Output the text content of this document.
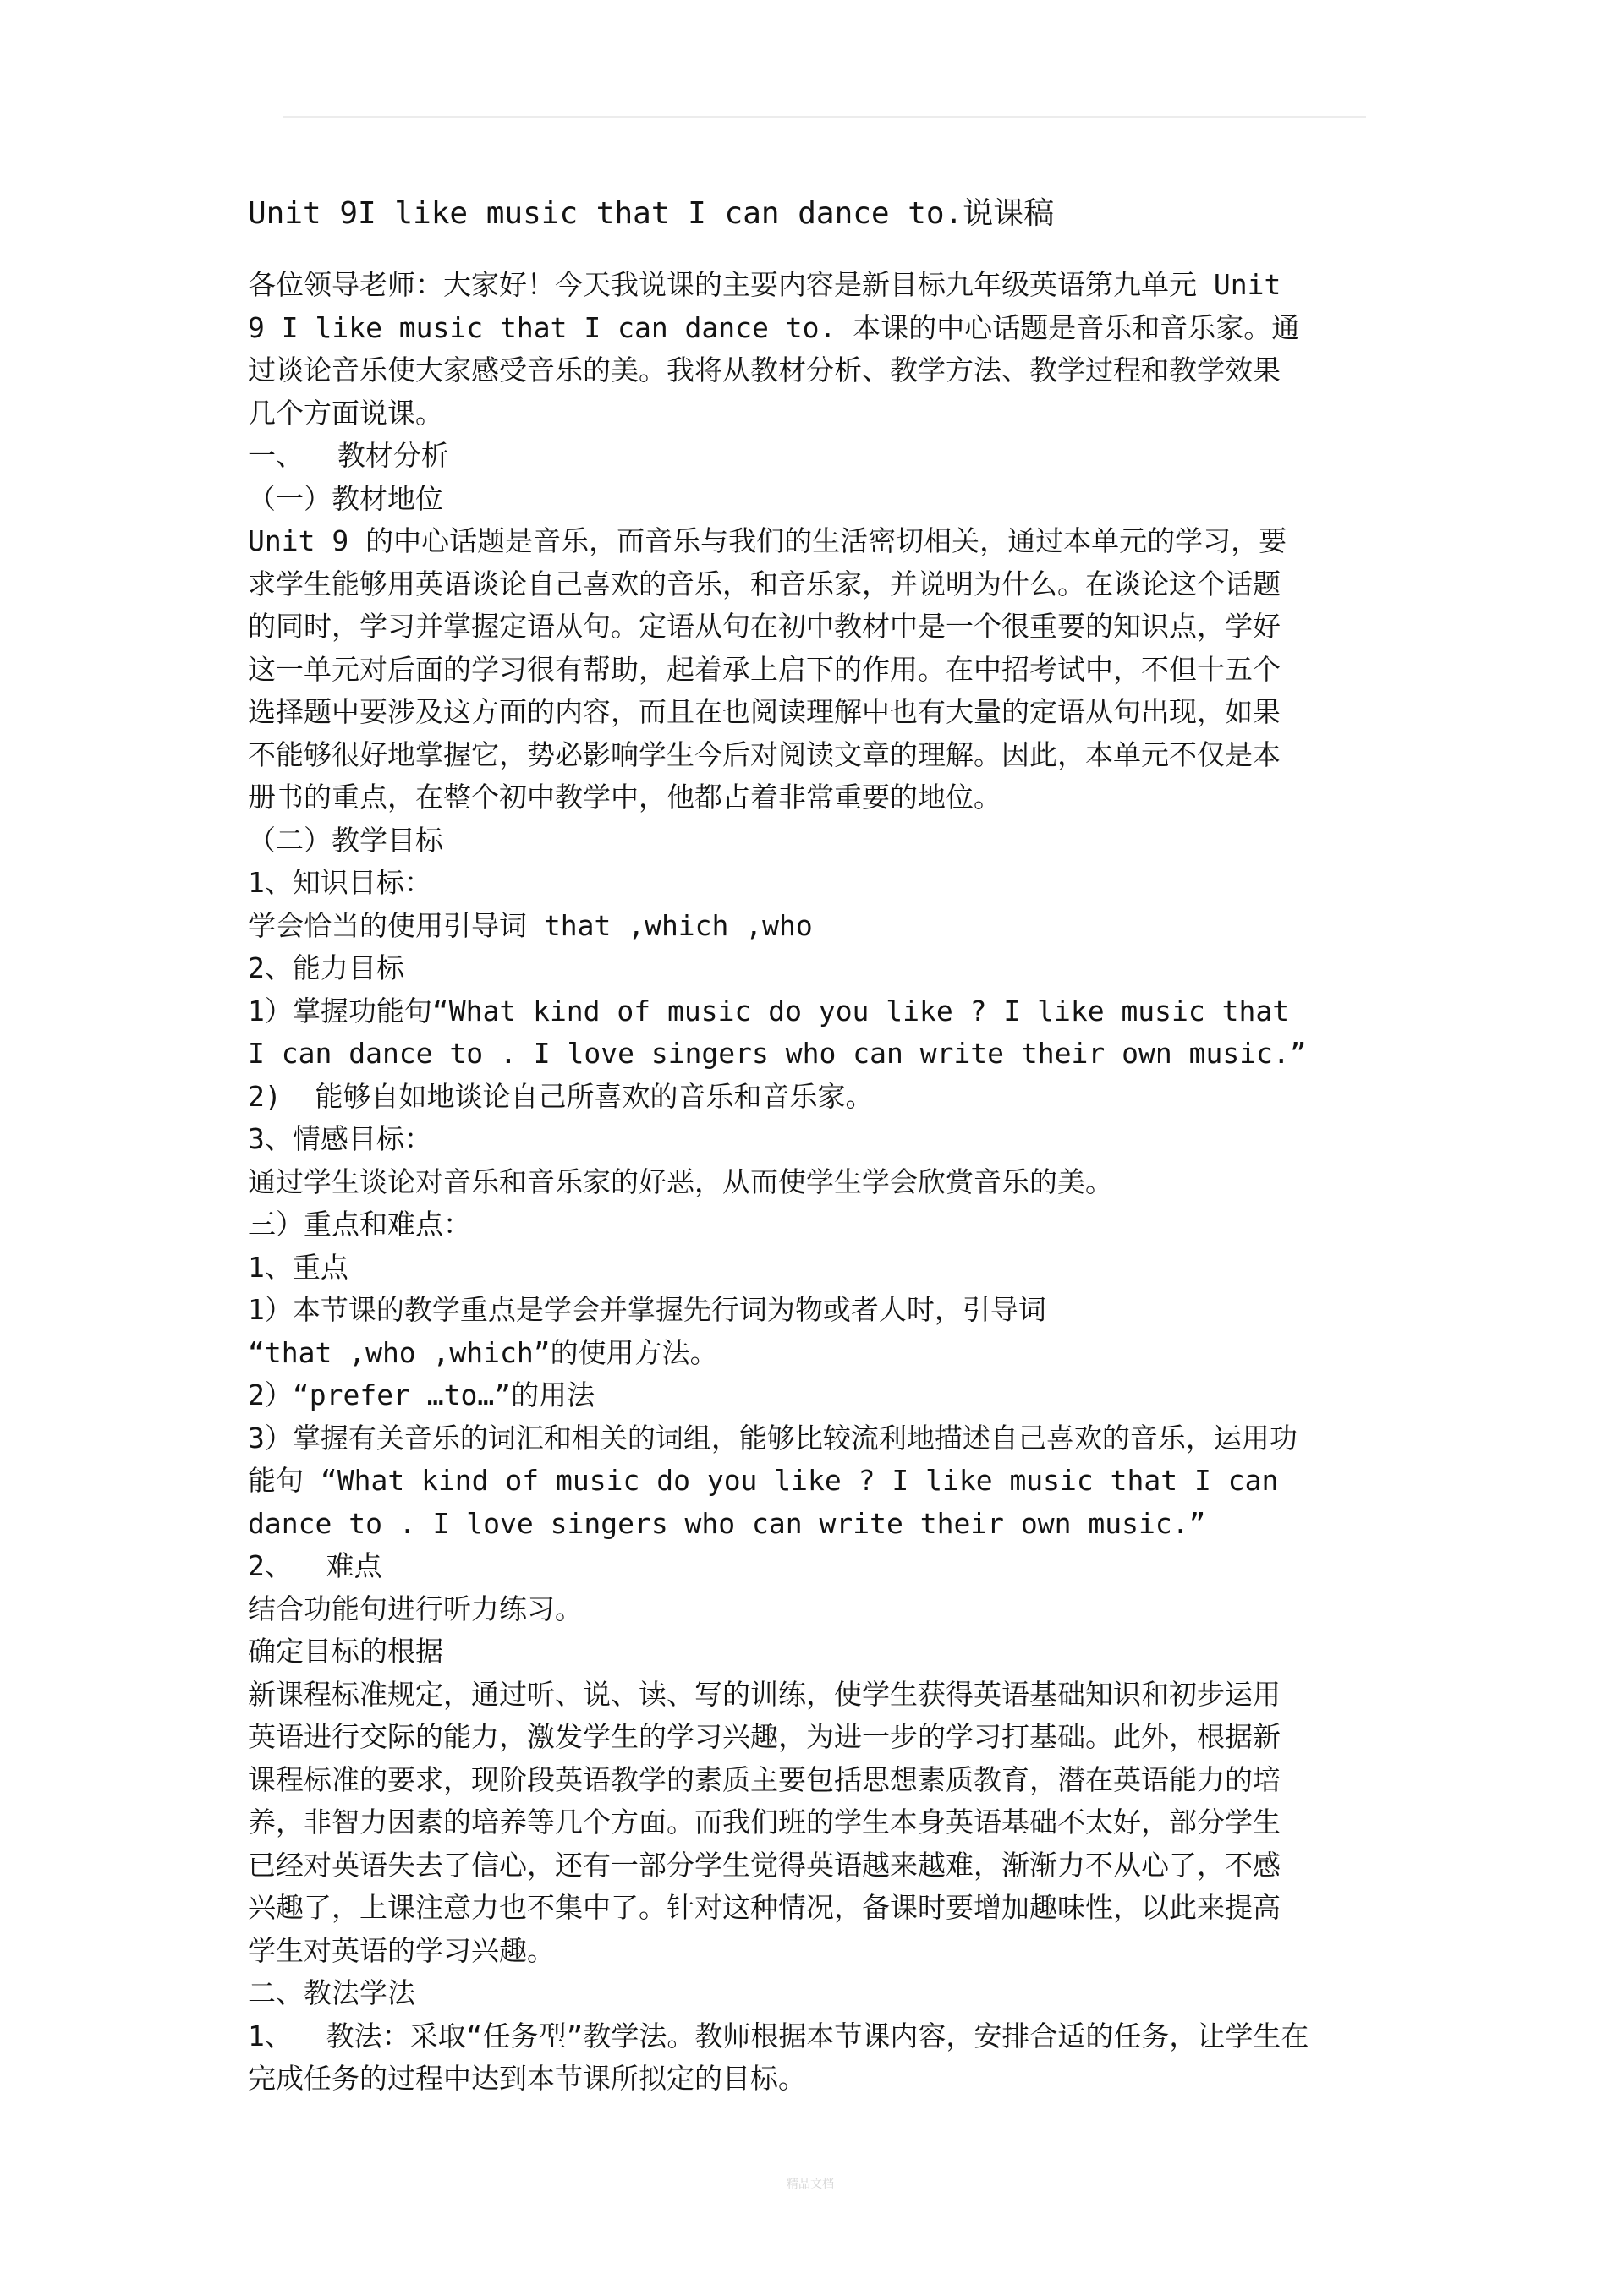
Unit 9I like music that I can dance to.说课稿

各位领导老师：大家好！今天我说课的主要内容是新目标九年级英语第九单元 Unit

9 I like music that I can dance to. 本课的中心话题是音乐和音乐家。通

过谈论音乐使大家感受音乐的美。我将从教材分析、教学方法、教学过程和教学效果

几个方面说课。

一、  教材分析

（一）教材地位

Unit 9 的中心话题是音乐，而音乐与我们的生活密切相关，通过本单元的学习，要

求学生能够用英语谈论自己喜欢的音乐，和音乐家，并说明为什么。在谈论这个话题

的同时，学习并掌握定语从句。定语从句在初中教材中是一个很重要的知识点，学好

这一单元对后面的学习很有帮助，起着承上启下的作用。在中招考试中，不但十五个

选择题中要涉及这方面的内容，而且在也阅读理解中也有大量的定语从句出现，如果

不能够很好地掌握它，势必影响学生今后对阅读文章的理解。因此，本单元不仅是本

册书的重点，在整个初中教学中，他都占着非常重要的地位。

（二）教学目标

1、知识目标：

学会恰当的使用引导词 that ,which ,who

2、能力目标

1）掌握功能句“What kind of music do you like ? I like music that

I can dance to . I love singers who can write their own music.”

2)  能够自如地谈论自己所喜欢的音乐和音乐家。

3、情感目标：

通过学生谈论对音乐和音乐家的好恶，从而使学生学会欣赏音乐的美。

三）重点和难点：

1、重点

1）本节课的教学重点是学会并掌握先行词为物或者人时，引导词

“that ,who ,which”的使用方法。

2）“prefer …to…”的用法

3）掌握有关音乐的词汇和相关的词组，能够比较流利地描述自己喜欢的音乐，运用功

能句 “What kind of music do you like ? I like music that I can

dance to . I love singers who can write their own music.”

2、  难点

结合功能句进行听力练习。

确定目标的根据

新课程标准规定，通过听、说、读、写的训练，使学生获得英语基础知识和初步运用

英语进行交际的能力，激发学生的学习兴趣，为进一步的学习打基础。此外，根据新

课程标准的要求，现阶段英语教学的素质主要包括思想素质教育，潜在英语能力的培

养，非智力因素的培养等几个方面。而我们班的学生本身英语基础不太好，部分学生

已经对英语失去了信心，还有一部分学生觉得英语越来越难，渐渐力不从心了，不感

兴趣了，上课注意力也不集中了。针对这种情况，备课时要增加趣味性，以此来提高

学生对英语的学习兴趣。

二、教法学法

1、  教法：采取“任务型”教学法。教师根据本节课内容，安排合适的任务，让学生在

完成任务的过程中达到本节课所拟定的目标。

精品文档
